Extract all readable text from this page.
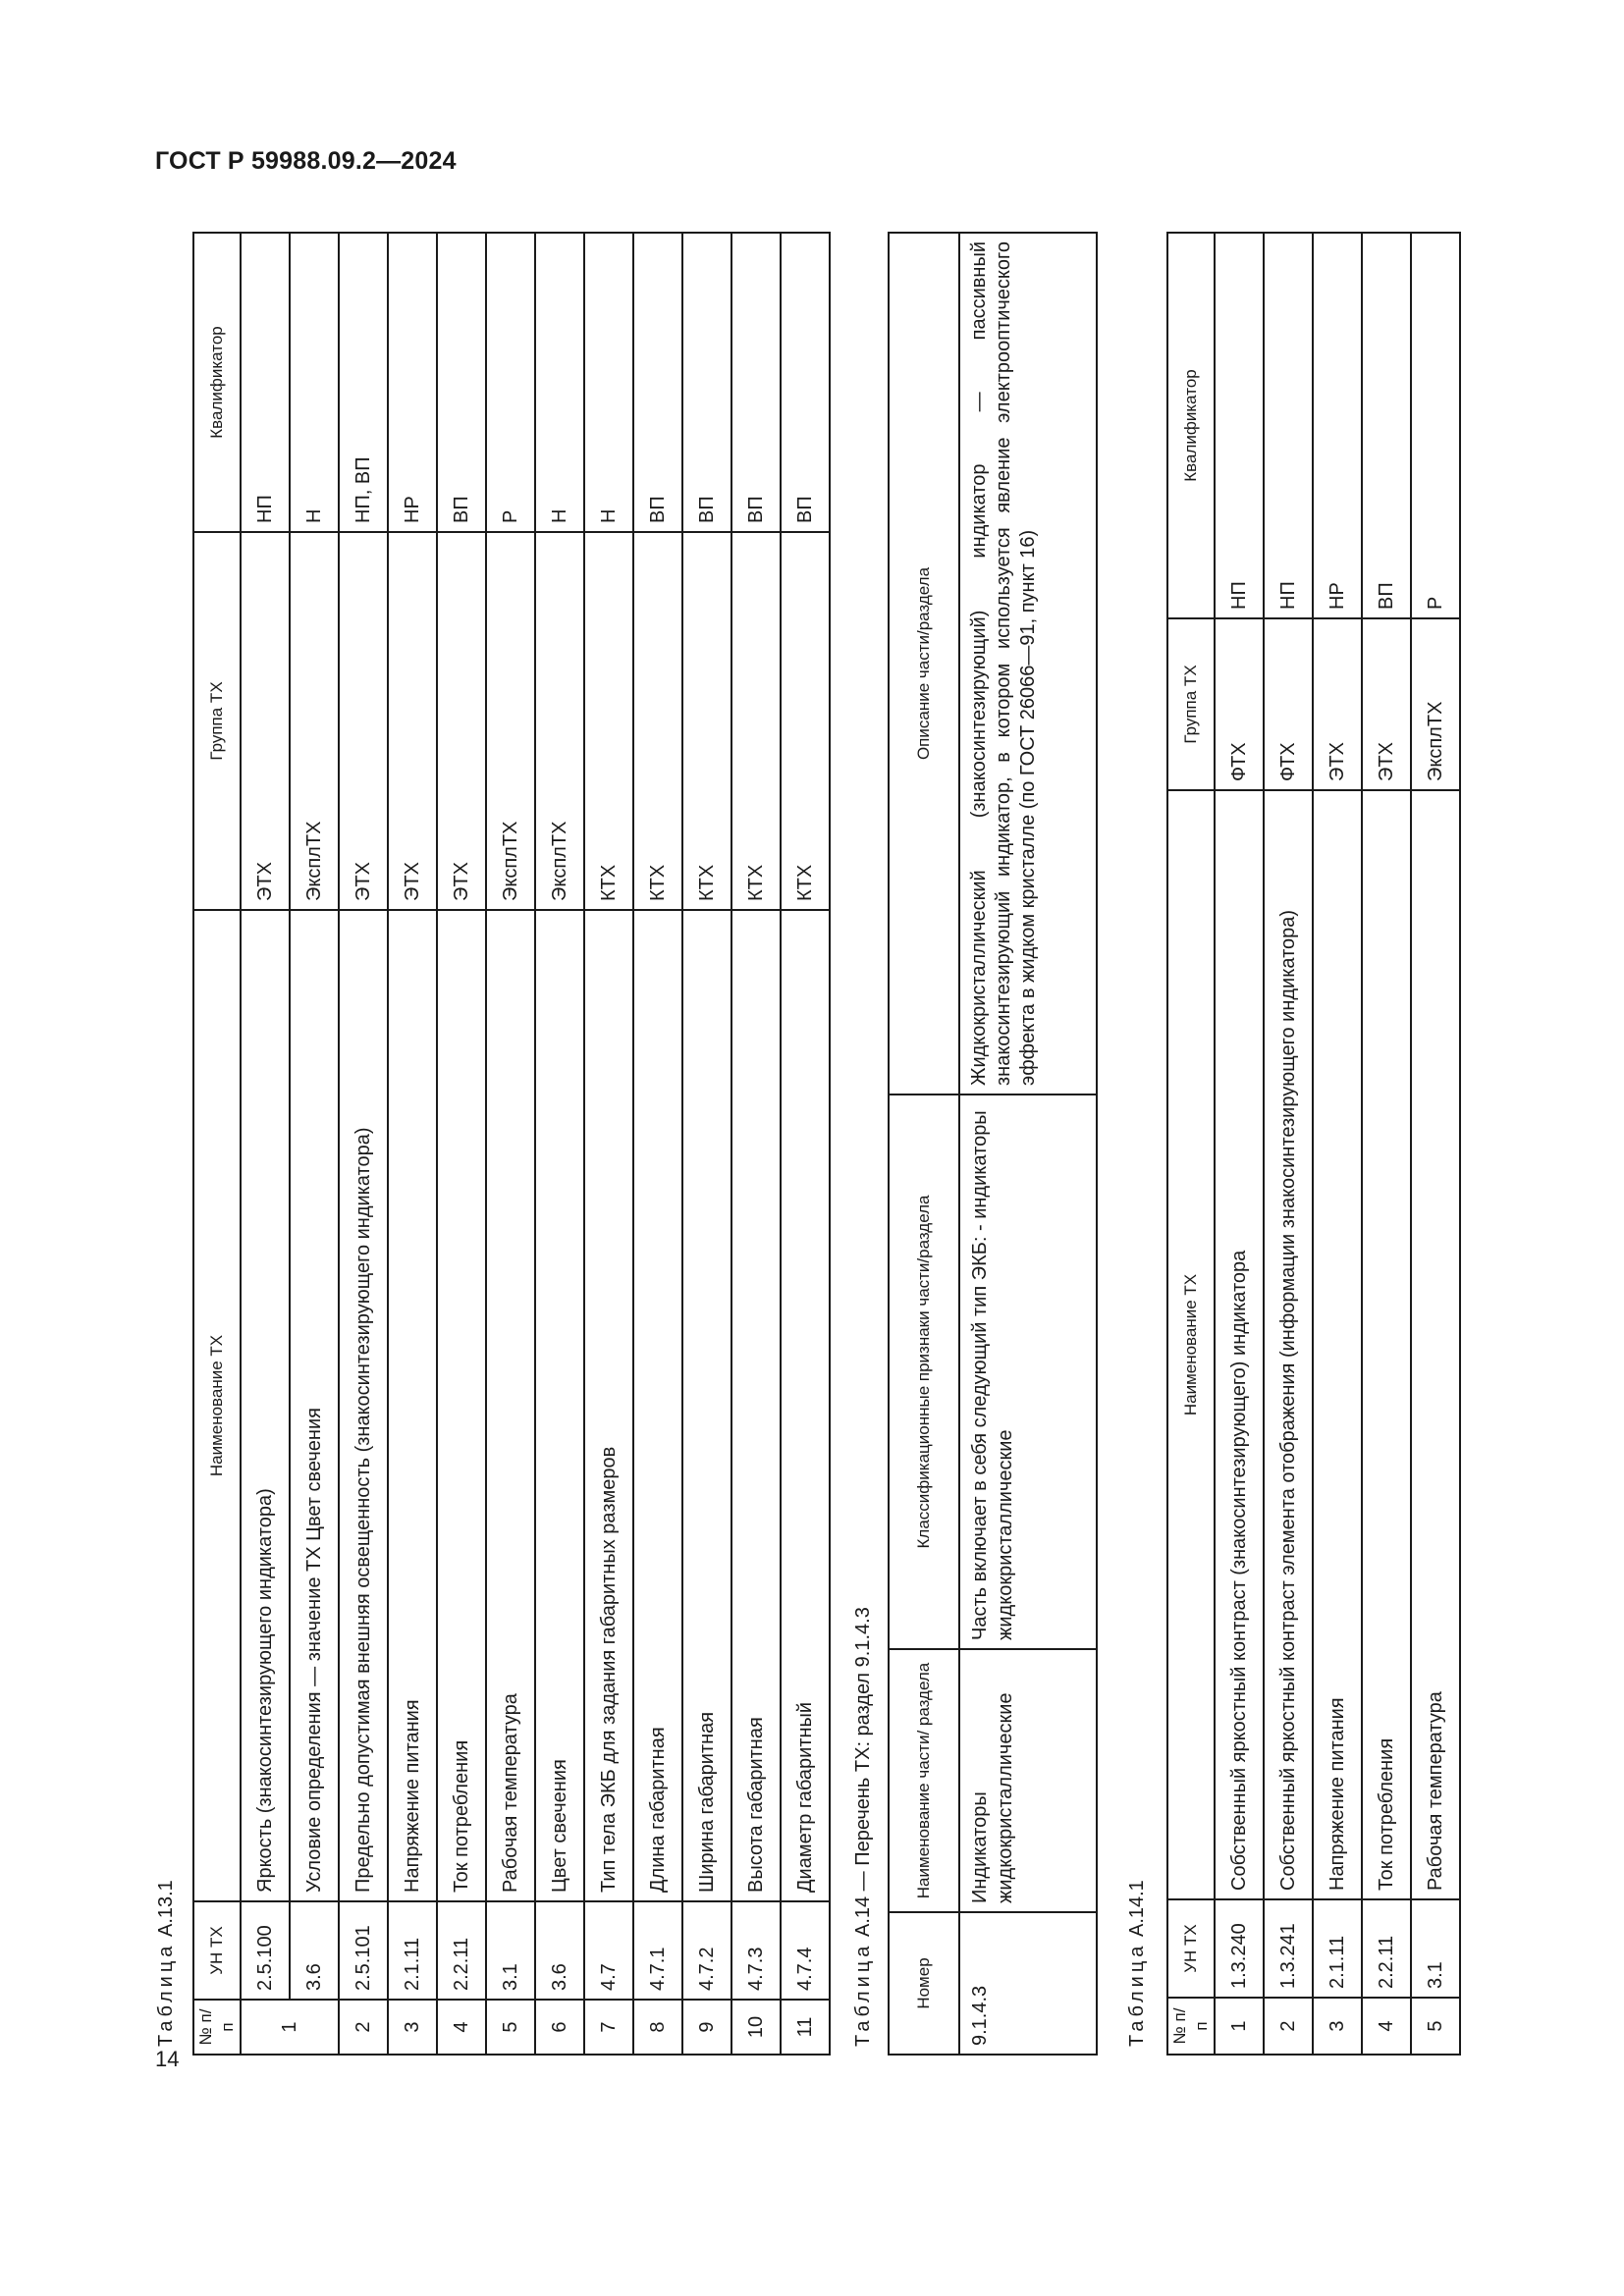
ГОСТ Р 59988.09.2—2024
Таблица А.13.1
№ п/п	УН ТХ	Наименование ТХ	Группа ТХ	Квалификатор
1	2.5.100	Яркость (знакосинтезирующего индикатора)	ЭТХ	НП
	3.6	Условие определения — значение ТХ Цвет свечения	ЭксплТХ	Н
2	2.5.101	Предельно допустимая внешняя освещенность (знакосинтезирующего индикатора)	ЭТХ	НП, ВП
3	2.1.11	Напряжение питания	ЭТХ	НР
4	2.2.11	Ток потребления	ЭТХ	ВП
5	3.1	Рабочая температура	ЭксплТХ	Р
6	3.6	Цвет свечения	ЭксплТХ	Н
7	4.7	Тип тела ЭКБ для задания габаритных размеров	КТХ	Н
8	4.7.1	Длина габаритная	КТХ	ВП
9	4.7.2	Ширина габаритная	КТХ	ВП
10	4.7.3	Высота габаритная	КТХ	ВП
11	4.7.4	Диаметр габаритный	КТХ	ВП
Таблица А.14 — Перечень ТХ: раздел 9.1.4.3
Номер	Наименование части/ раздела	Классификационные признаки части/раздела	Описание части/раздела
9.1.4.3	Индикаторы жидкокристаллические	Часть включает в себя следующий тип ЭКБ: - индикаторы жидкокристаллические	Жидкокристаллический (знакосинтезирующий) индикатор — пассивный знакосинтезирующий индикатор, в котором используется явление электрооптического эффекта в жидком кристалле (по ГОСТ 26066—91, пункт 16)
Таблица А.14.1
№ п/п	УН ТХ	Наименование ТХ	Группа ТХ	Квалификатор
1	1.3.240	Собственный яркостный контраст (знакосинтезирующего) индикатора	ФТХ	НП
2	1.3.241	Собственный яркостный контраст элемента отображения (информации знакосинтезирующего индикатора)	ФТХ	НП
3	2.1.11	Напряжение питания	ЭТХ	НР
4	2.2.11	Ток потребления	ЭТХ	ВП
5	3.1	Рабочая температура	ЭксплТХ	Р
14
